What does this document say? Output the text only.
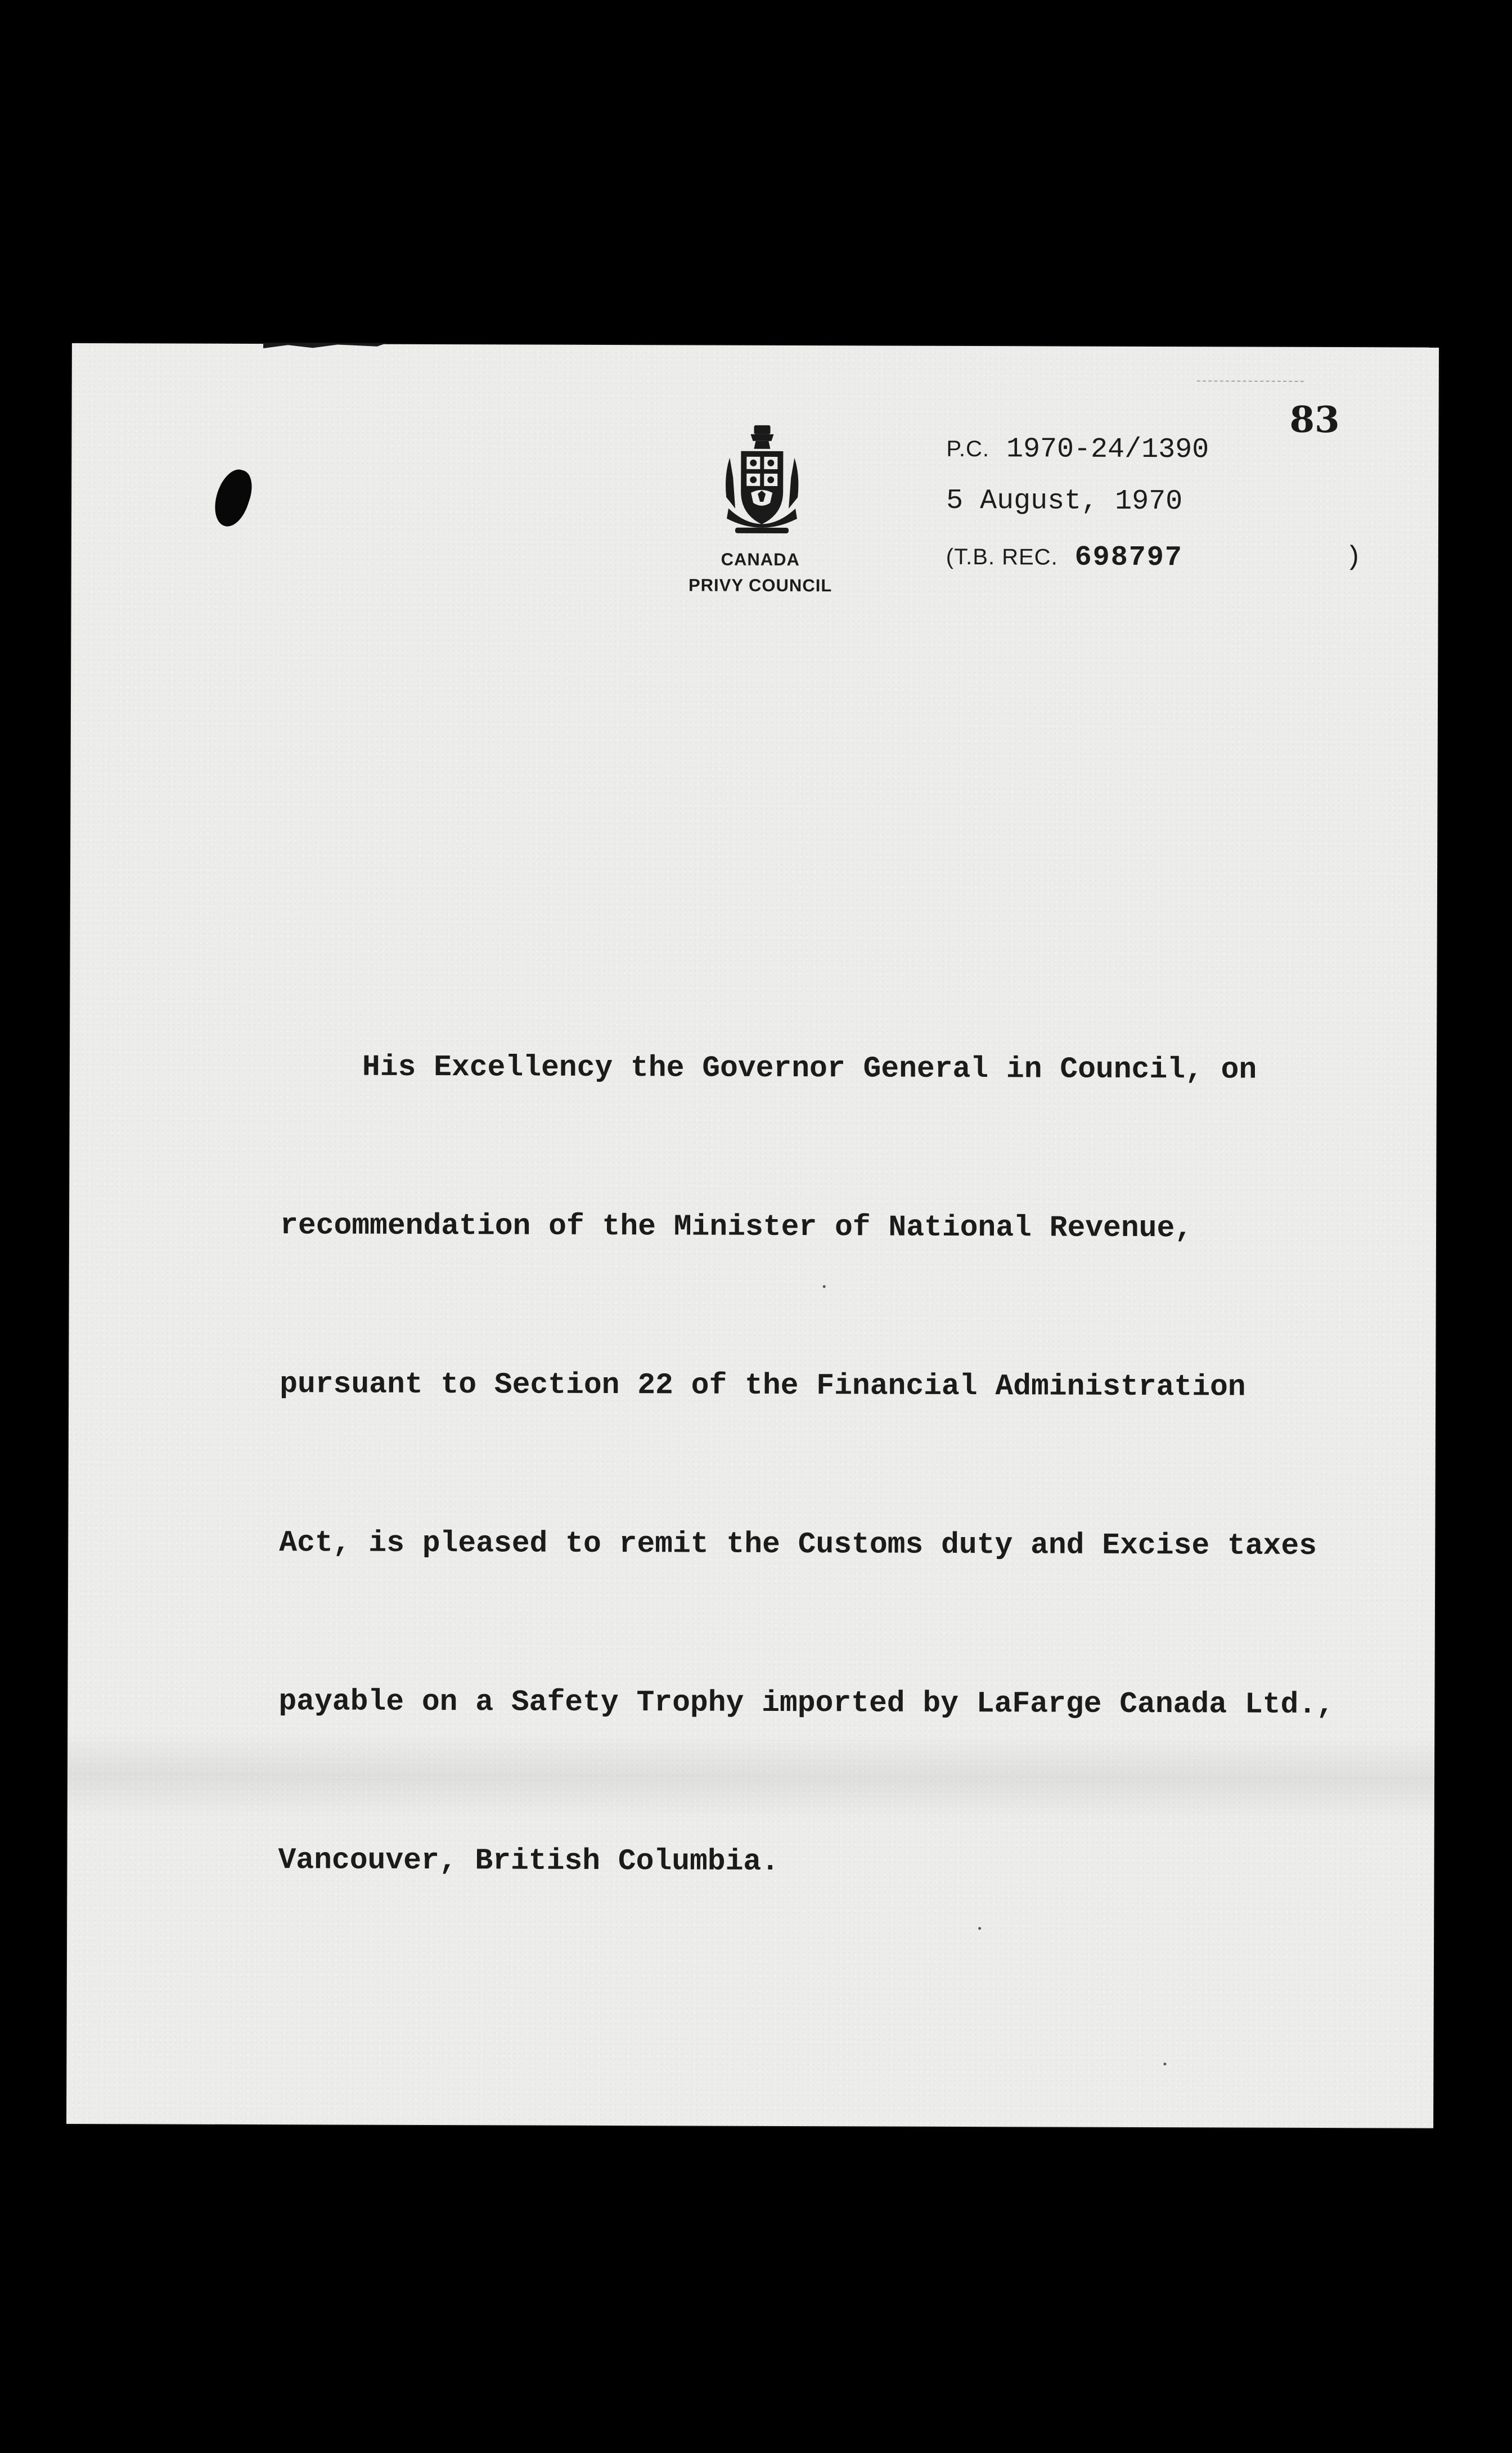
83
CANADA
PRIVY COUNCIL
P.C. 1970-24/1390
5 August, 1970
(T.B. REC. 698797	)

His Excellency the Governor General in Council, on

recommendation of the Minister of National Revenue,

pursuant to Section 22 of the Financial Administration

Act, is pleased to remit the Customs duty and Excise taxes

payable on a Safety Trophy imported by LaFarge Canada Ltd.,

Vancouver, British Columbia.
